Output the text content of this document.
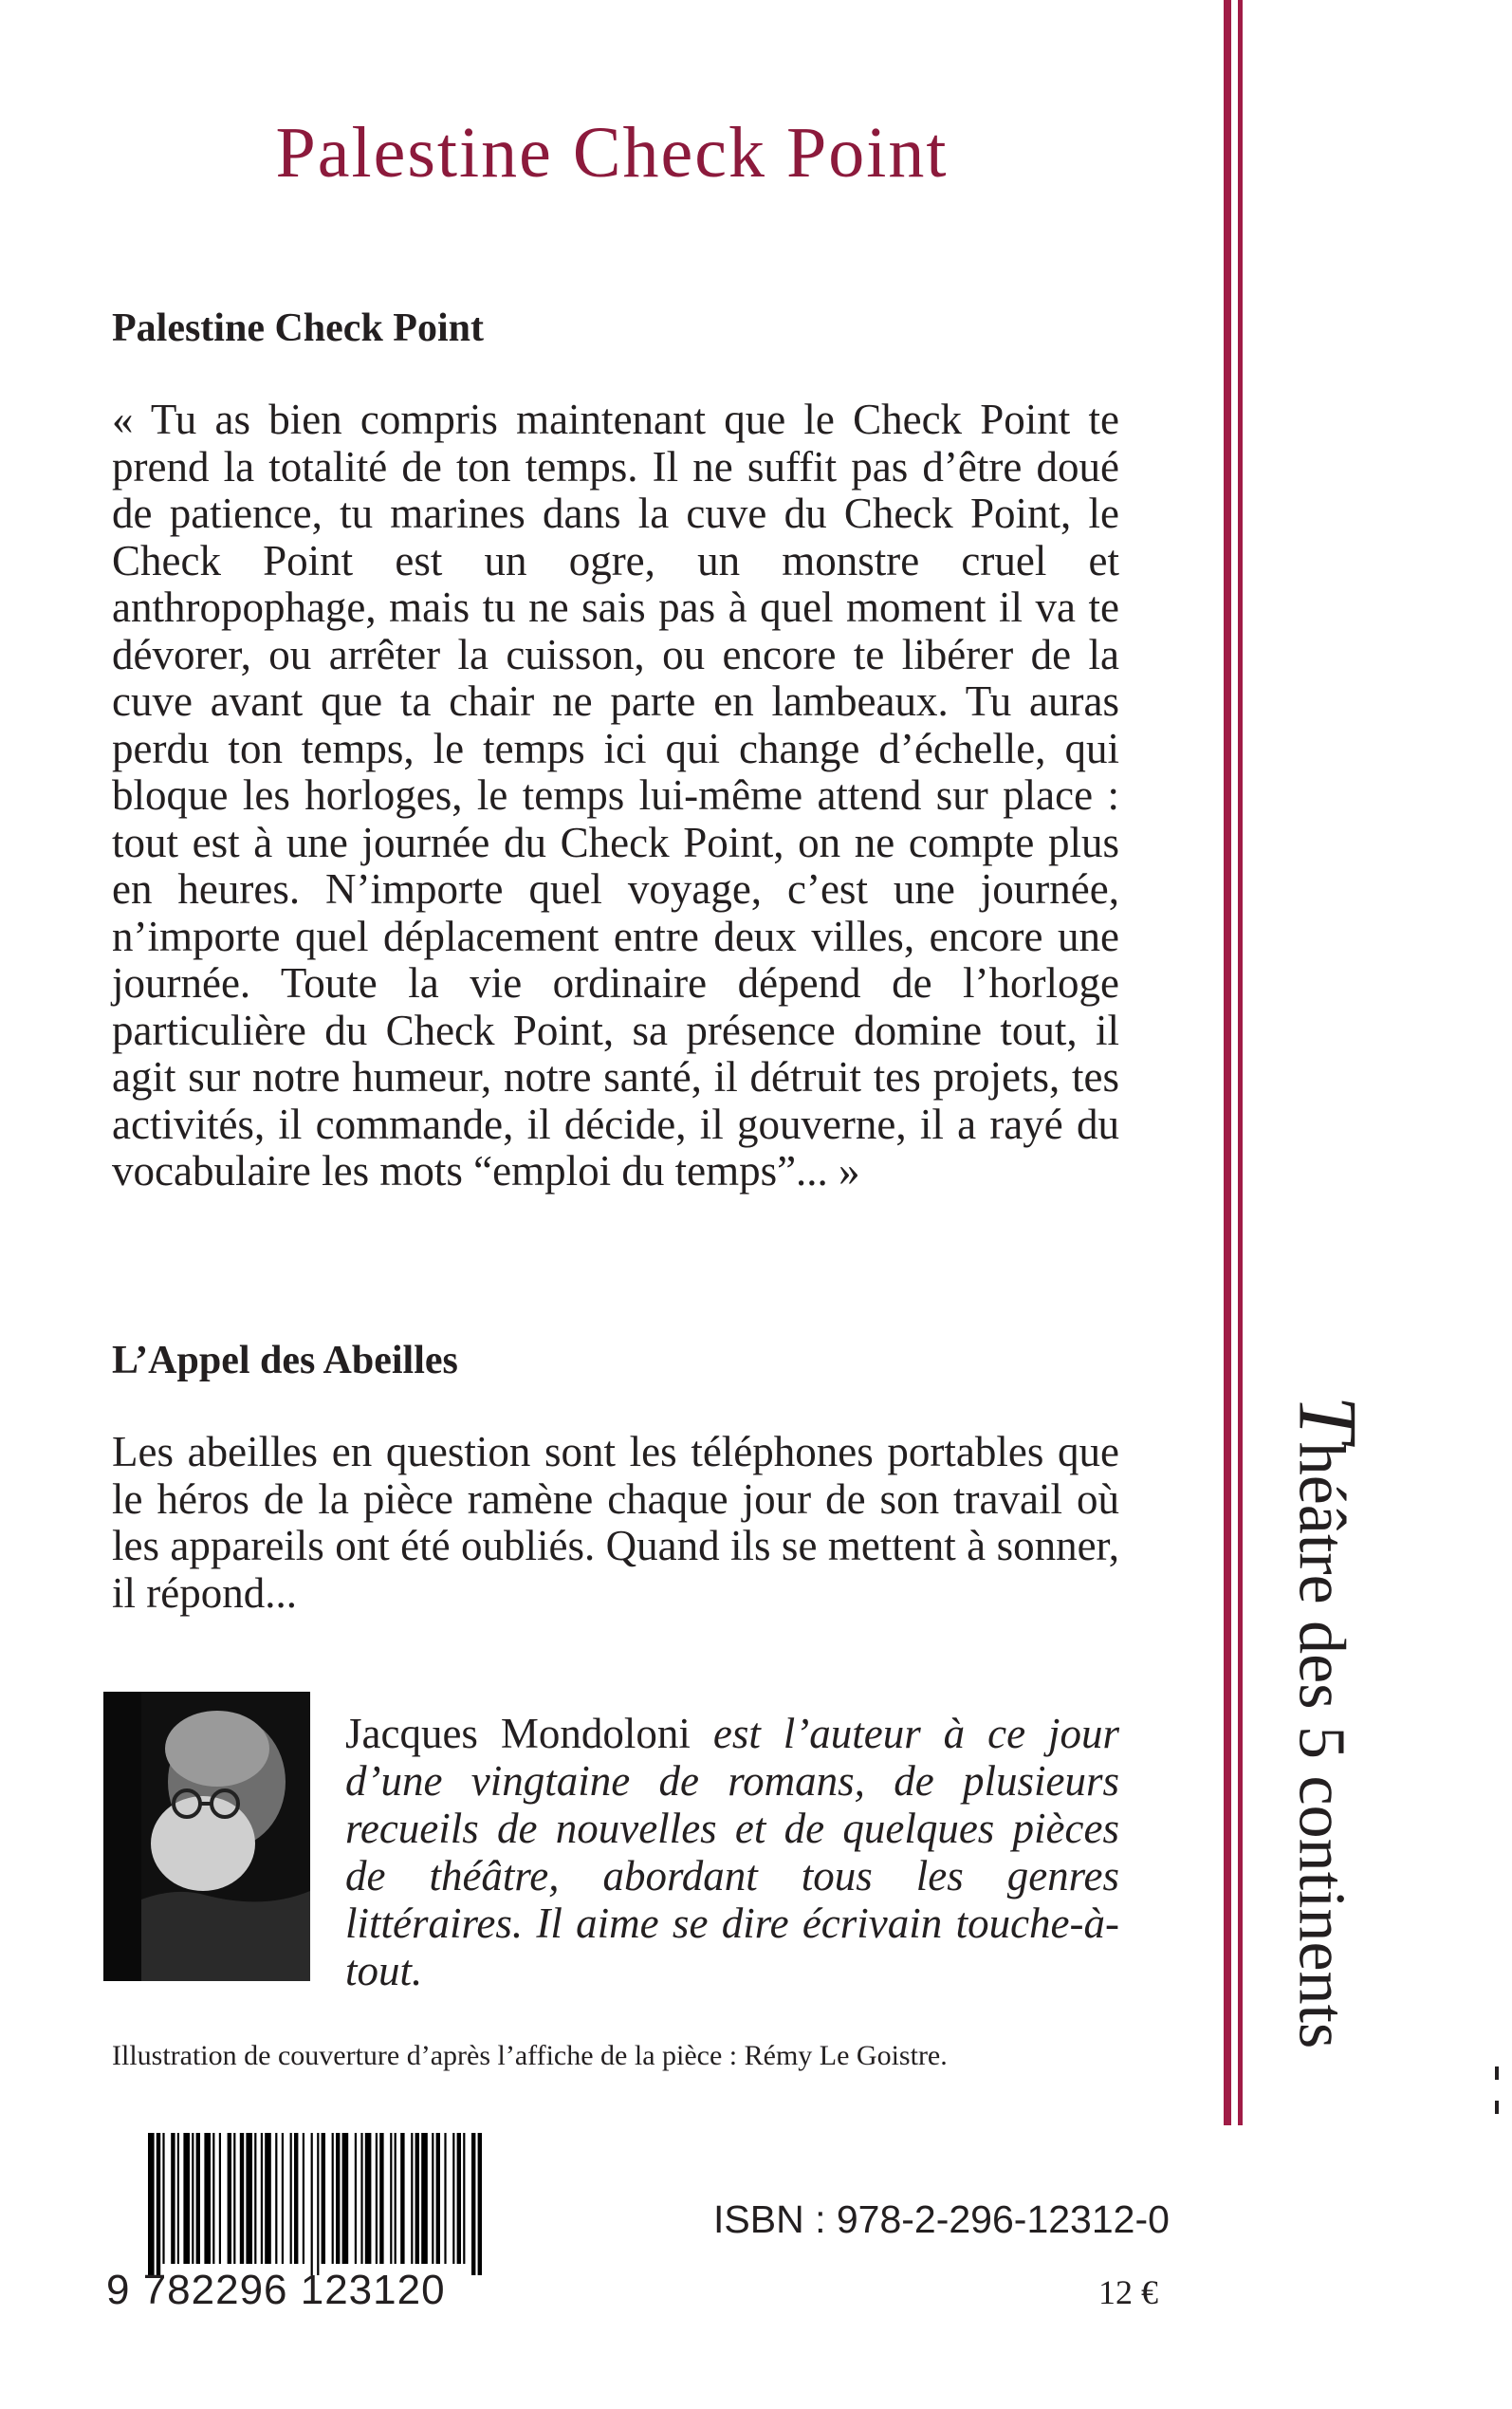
Palestine Check Point
Palestine Check Point

« Tu as bien compris maintenant que le Check Point te prend la totalité de ton temps. Il ne suffit pas d’être doué de patience, tu marines dans la cuve du Check Point, le Check Point est un ogre, un monstre cruel et anthropophage, mais tu ne sais pas à quel moment il va te dévorer, ou arrêter la cuisson, ou encore te libérer de la cuve avant que ta chair ne parte en lambeaux. Tu auras perdu ton temps, le temps ici qui change d’échelle, qui bloque les horloges, le temps lui-même attend sur place : tout est à une journée du Check Point, on ne compte plus en heures. N’importe quel voyage, c’est une journée, n’importe quel déplacement entre deux villes, encore une journée. Toute la vie ordinaire dépend de l’horloge particulière du Check Point, sa présence domine tout, il agit sur notre humeur, notre santé, il détruit tes projets, tes activités, il commande, il décide, il gouverne, il a rayé du vocabulaire les mots “emploi du temps”... »

L’Appel des Abeilles

Les abeilles en question sont les téléphones portables que le héros de la pièce ramène chaque jour de son travail où les appareils ont été oubliés. Quand ils se mettent à sonner, il répond...

Jacques Mondoloni est l’auteur à ce jour d’une vingtaine de romans, de plusieurs recueils de nouvelles et de quelques pièces de théâtre, abordant tous les genres littéraires. Il aime se dire écrivain touche-à-tout.

Illustration de couverture d’après l’affiche de la pièce : Rémy Le Goistre.

Théâtre des 5 continents

9 782296 123120

ISBN : 978-2-296-12312-0

12 €
